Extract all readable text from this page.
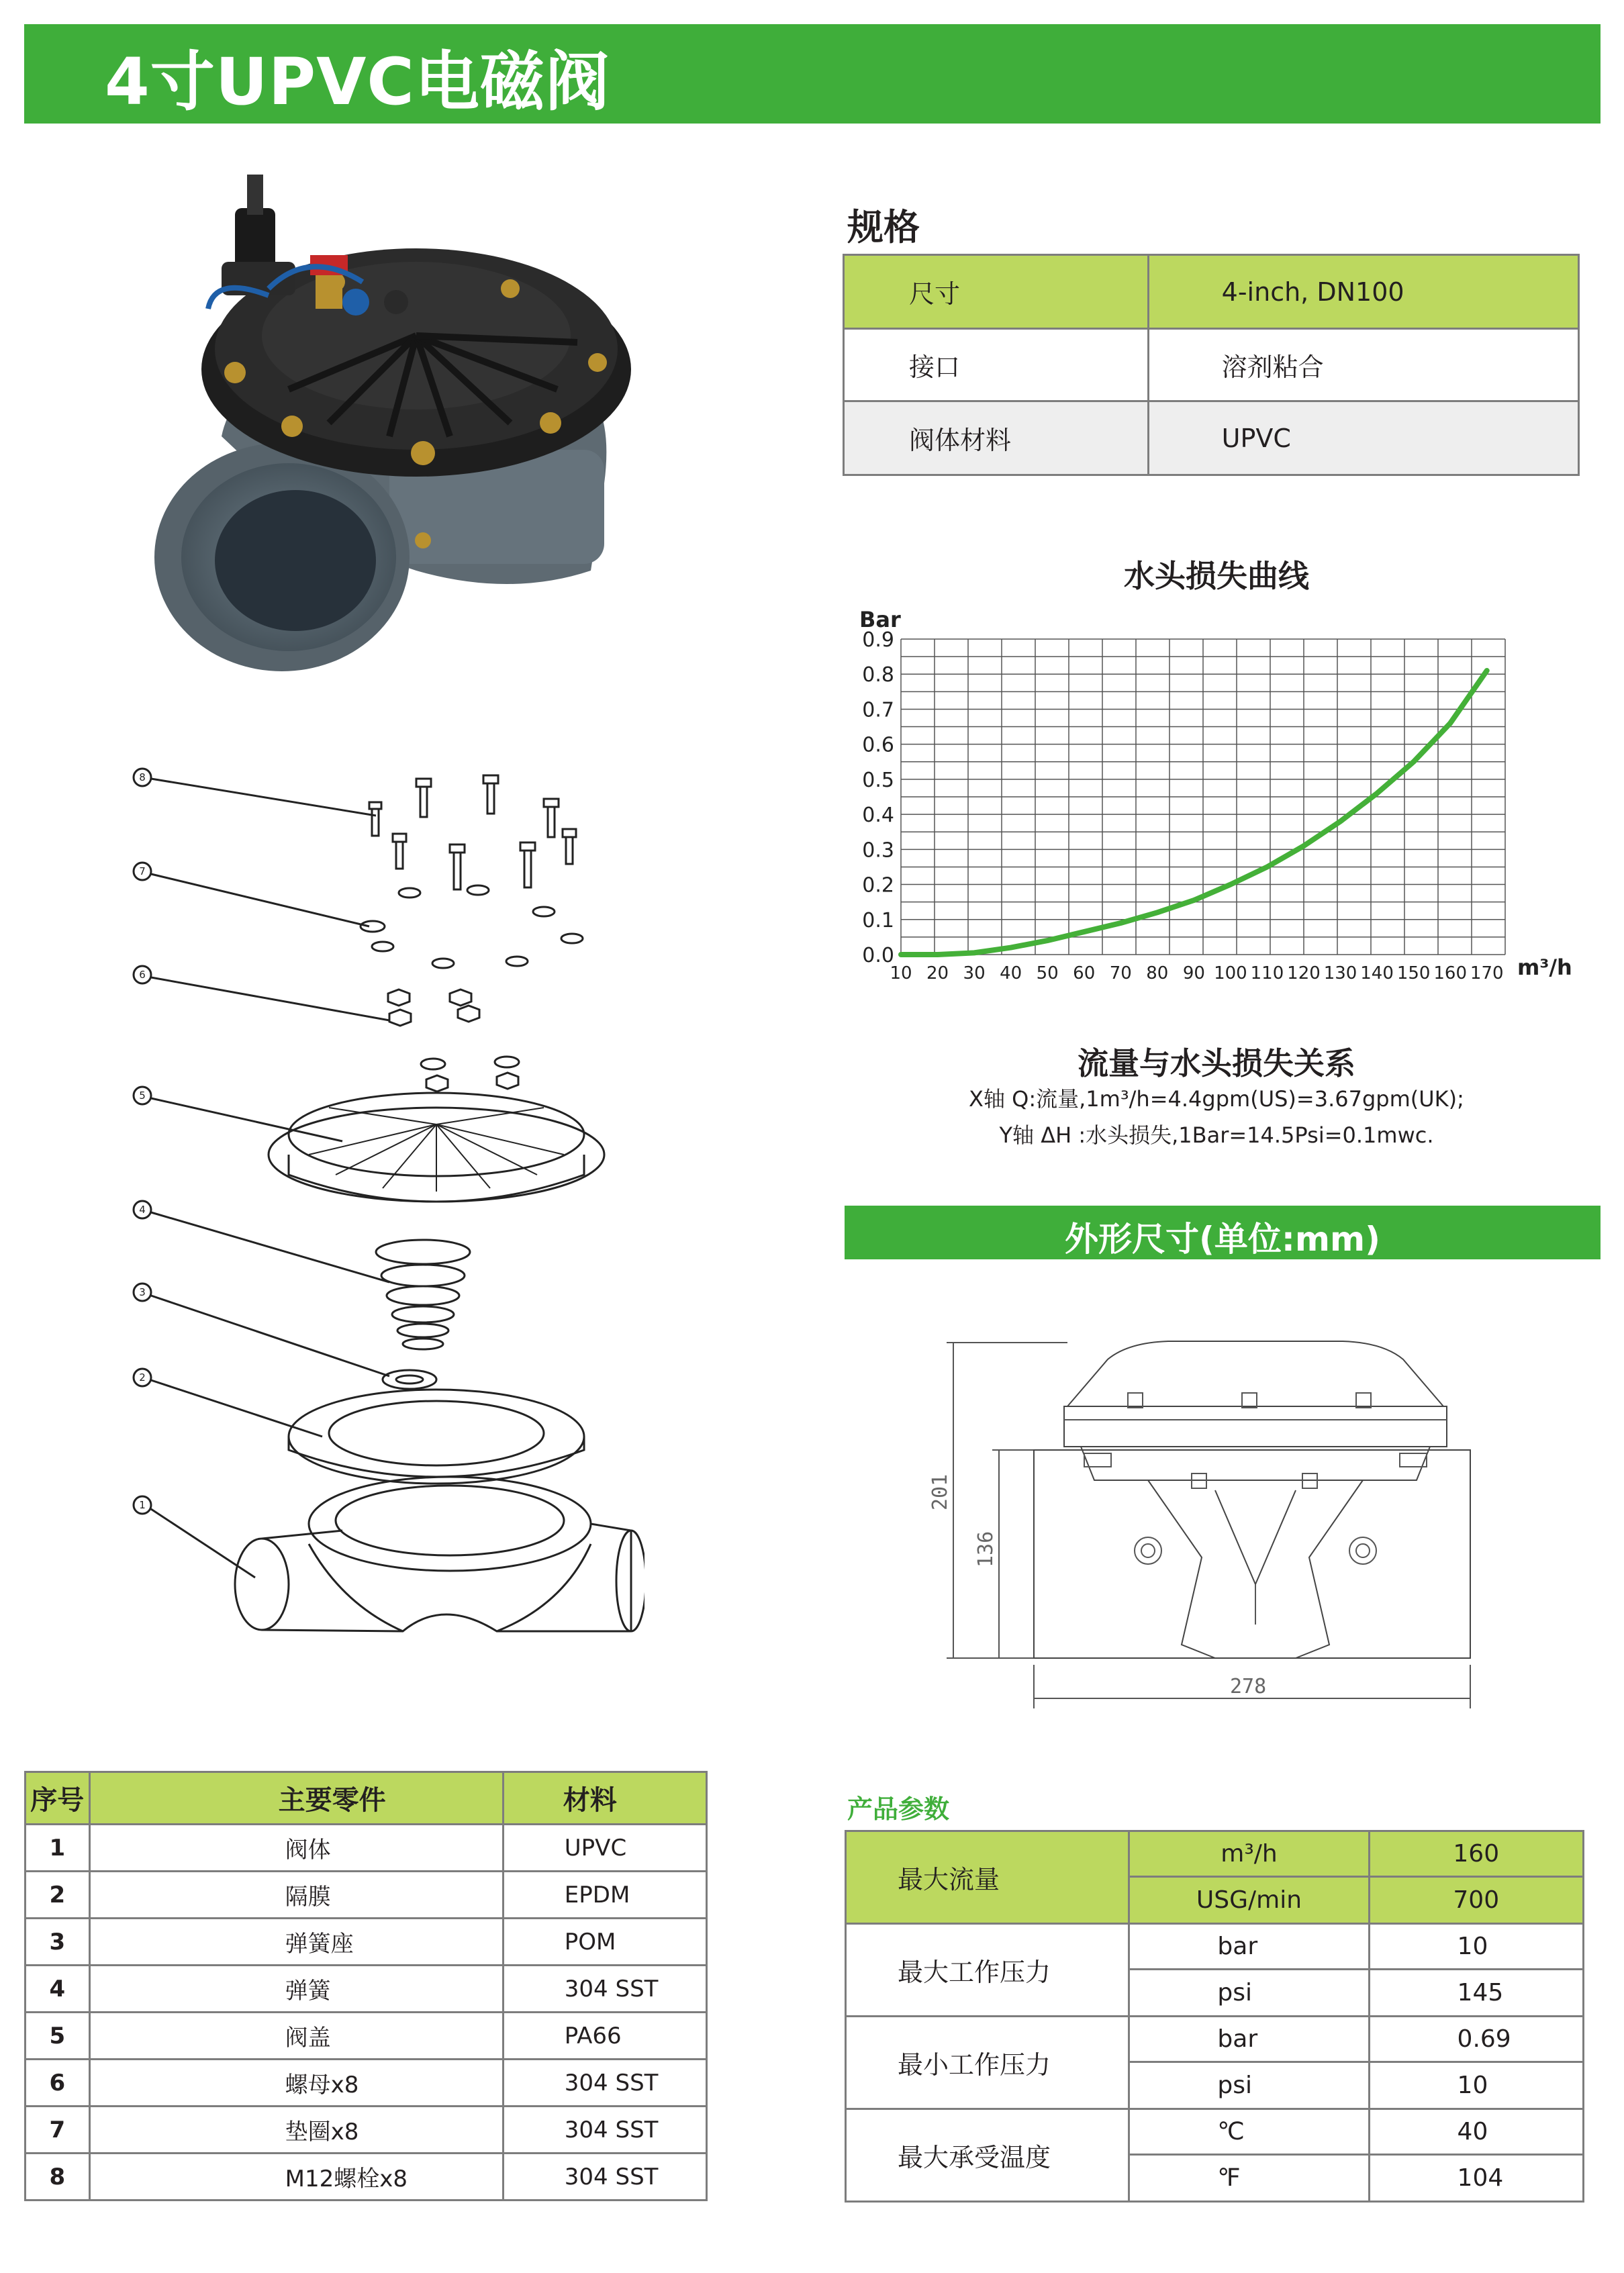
4寸UPVC电磁阀
8
7
6
5
4
3
2
1
规格
尺寸	4-inch, DN100
接口	溶剂粘合
阀体材料	UPVC
水头损失曲线
0.0
0.1
0.2
0.3
0.4
0.5
0.6
0.7
0.8
0.9
10 20 30 40 50 60 70 80 90 100 110 120 130 140 150 160 170
Bar
m³/h
流量与水头损失关系
X轴 Q:流量,1m³/h=4.4gpm(US)=3.67gpm(UK);
Y轴 ΔH :水头损失,1Bar=14.5Psi=0.1mwc.
外形尺寸(单位:mm)
201
136
278
序号	主要零件	材料
1	阀体	UPVC
2	隔膜	EPDM
3	弹簧座	POM
4	弹簧	304 SST
5	阀盖	PA66
6	螺母x8	304 SST
7	垫圈x8	304 SST
8	M12螺栓x8	304 SST
产品参数
最大流量	m³/h	160
	USG/min	700
最大工作压力	bar	10
	psi	145
最小工作压力	bar	0.69
	psi	10
最大承受温度	℃	40
	℉	104
